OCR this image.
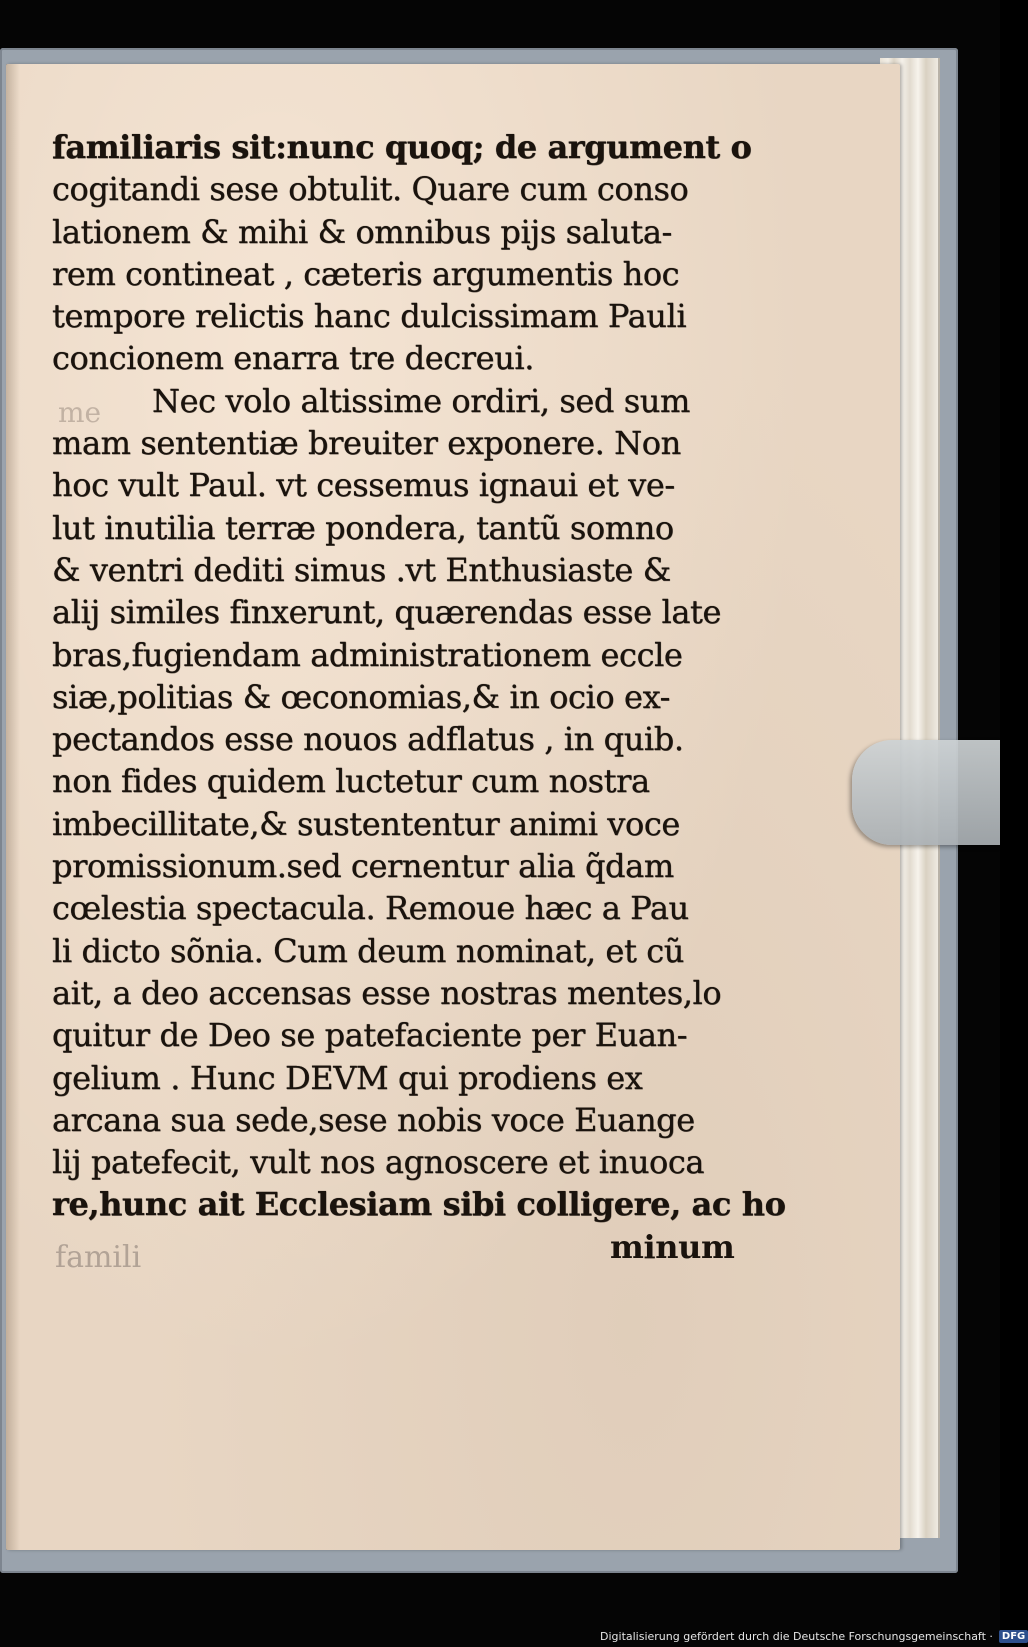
me
familiaris sit:nunc quoq; de argument o
cogitandi sese obtulit. Quare cum conso
lationem & mihi & omnibus pijs saluta-
rem contineat , cæteris argumentis hoc
tempore relictis hanc dulcissimam Pauli
concionem enarra tre decreui.
Nec volo altissime ordiri, sed sum
mam sententiæ breuiter exponere. Non
hoc vult Paul. vt cessemus ignaui et ve-
lut inutilia terræ pondera, tantũ somno
& ventri dediti simus .vt Enthusiaste &
alij similes finxerunt, quærendas esse late
bras,fugiendam administrationem eccle
siæ,politias & œconomias,& in ocio ex-
pectandos esse nouos adflatus , in quib.
non fides quidem luctetur cum nostra
imbecillitate,& sustententur animi voce
promissionum.sed cernentur alia q̃dam
cœlestia spectacula. Remoue hæc a Pau
li dicto sõnia. Cum deum nominat, et cũ
ait, a deo accensas esse nostras mentes,lo
quitur de Deo se patefaciente per Euan-
gelium . Hunc DEVM qui prodiens ex
arcana sua sede,sese nobis voce Euange
lij patefecit, vult nos agnoscere et inuoca
re,hunc ait Ecclesiam sibi colligere, ac ho
minum
famili
Digitalisierung gefördert durch die Deutsche Forschungsgemeinschaft · DFG
